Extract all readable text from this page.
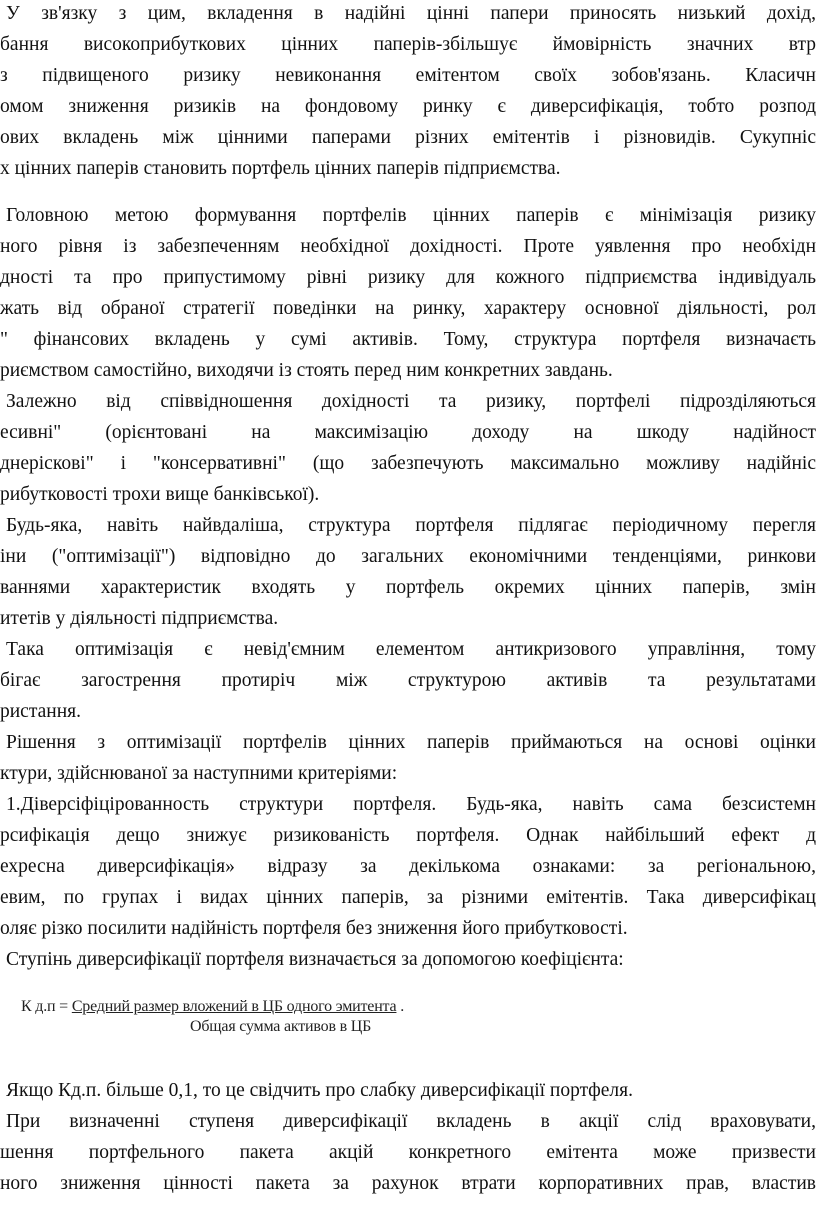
У зв'язку з цим, вкладення в надійні цінні папери приносять низький дохід,
бання високоприбуткових цінних паперів-збільшує ймовірність значних втр
з підвищеного ризику невиконання емітентом своїх зобов'язань. Класичн
омом зниження ризиків на фондовому ринку є диверсифікація, тобто розпод
ових вкладень між цінними паперами різних емітентів і різновидів. Сукупніс
х цінних паперів становить портфель цінних паперів підприємства.
Головною метою формування портфелів цінних паперів є мінімізація ризику
ного рівня із забезпеченням необхідної дохідності. Проте уявлення про необхідн
дності та про припустимому рівні ризику для кожного підприємства індивідуаль
жать від обраної стратегії поведінки на ринку, характеру основної діяльності, рол
" фінансових вкладень у сумі активів. Тому, структура портфеля визначаєть
риємством самостійно, виходячи із стоять перед ним конкретних завдань.
Залежно від співвідношення дохідності та ризику, портфелі підрозділяються
есивні" (орієнтовані на максимізацію доходу на шкоду надійност
днеріскові" і "консервативні" (що забезпечують максимально можливу надійніс
рибутковості трохи вище банківської).
Будь-яка, навіть найвдаліша, структура портфеля підлягає періодичному перегля
іни ("оптимізації") відповідно до загальних економічними тенденціями, ринкови
ваннями характеристик входять у портфель окремих цінних паперів, змін
итетів у діяльності підприємства.
Така оптимізація є невід'ємним елементом антикризового управління, тому
бігає загострення протиріч між структурою активів та результатами
ристання.
Рішення з оптимізації портфелів цінних паперів приймаються на основі оцінки
ктури, здійснюваної за наступними критеріями:
1.Діверсіфіцірованность структури портфеля. Будь-яка, навіть сама безсистемн
рсифікація дещо знижує ризикованість портфеля. Однак найбільший ефект д
ехресна диверсифікація» відразу за декількома ознаками: за регіональною,
евим, по групах і видах цінних паперів, за різними емітентів. Така диверсифікац
оляє різко посилити надійність портфеля без зниження його прибутковості.
Ступінь диверсифікації портфеля визначається за допомогою коефіцієнта:
К д.п = Средний размер вложений в ЦБ одного эмитента .
Общая сумма активов в ЦБ
Якщо Кд.п. більше 0,1, то це свідчить про слабку диверсифікації портфеля.
При визначенні ступеня диверсифікації вкладень в акції слід враховувати,
шення портфельного пакета акцій конкретного емітента може призвести
ного зниження цінності пакета за рахунок втрати корпоративних прав, властив
